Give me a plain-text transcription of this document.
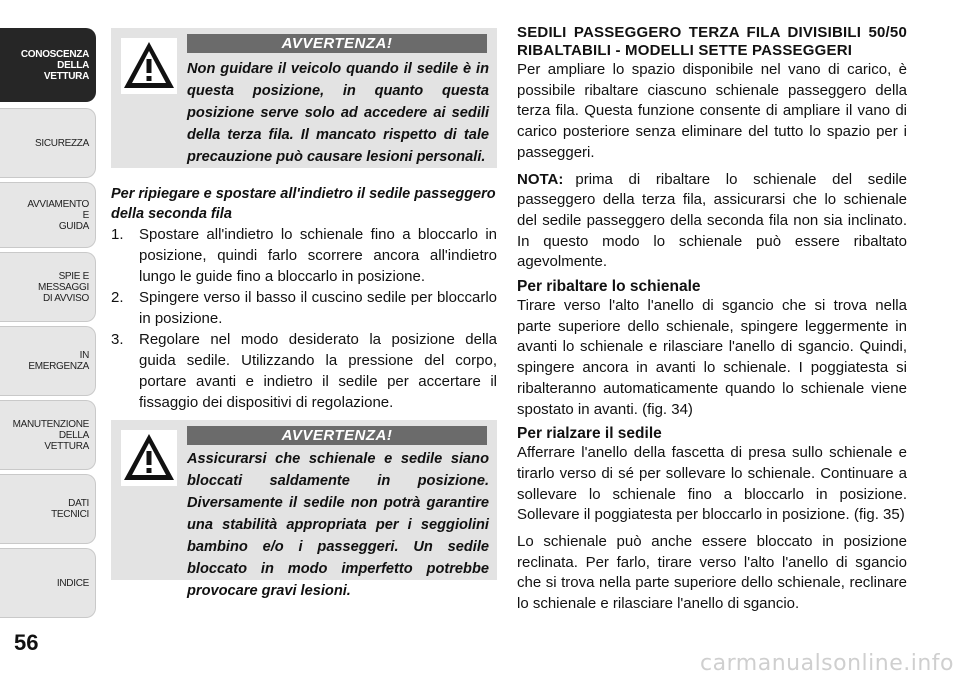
CONOSCENZA
DELLA
VETTURA
SICUREZZA
AVVIAMENTO
E
GUIDA
SPIE E
MESSAGGI
DI AVVISO
IN
EMERGENZA
MANUTENZIONE
DELLA
VETTURA
DATI
TECNICI
INDICE
56
AVVERTENZA!
Non guidare il veicolo quando il sedile è in questa posizione, in quanto questa posizione serve solo ad accedere ai sedili della terza fila. Il mancato rispetto di tale precauzione può causare lesioni personali.
Per ripiegare e spostare all'indietro il sedile passeggero della seconda fila
1. Spostare all'indietro lo schienale fino a bloccarlo in posizione, quindi farlo scorrere ancora all'indietro lungo le guide fino a bloccarlo in posizione.
2. Spingere verso il basso il cuscino sedile per bloccarlo in posizione.
3. Regolare nel modo desiderato la posizione della guida sedile. Utilizzando la pressione del corpo, portare avanti e indietro il sedile per accertare il fissaggio dei dispositivi di regolazione.
AVVERTENZA!
Assicurarsi che schienale e sedile siano bloccati saldamente in posizione. Diversamente il sedile non potrà garantire una stabilità appropriata per i seggiolini bambino e/o i passeggeri. Un sedile bloccato in modo imperfetto potrebbe provocare gravi lesioni.
SEDILI PASSEGGERO TERZA FILA DIVISIBILI 50/50 RIBALTABILI - MODELLI SETTE PASSEGGERI

Per ampliare lo spazio disponibile nel vano di carico, è possibile ribaltare ciascuno schienale passeggero della terza fila. Questa funzione consente di ampliare il vano di carico posteriore senza eliminare del tutto lo spazio per i passeggeri.

NOTA: prima di ribaltare lo schienale del sedile passeggero della terza fila, assicurarsi che lo schienale del sedile passeggero della seconda fila non sia inclinato. In questo modo lo schienale può essere ribaltato agevolmente.

Per ribaltare lo schienale

Tirare verso l'alto l'anello di sgancio che si trova nella parte superiore dello schienale, spingere leggermente in avanti lo schienale e rilasciare l'anello di sgancio. Quindi, spingere ancora in avanti lo schienale. I poggiatesta si ribalteranno automaticamente quando lo schienale viene spostato in avanti. (fig. 34)

Per rialzare il sedile

Afferrare l'anello della fascetta di presa sullo schienale e tirarlo verso di sé per sollevare lo schienale. Continuare a sollevare lo schienale fino a bloccarlo in posizione. Sollevare il poggiatesta per bloccarlo in posizione. (fig. 35)

Lo schienale può anche essere bloccato in posizione reclinata. Per farlo, tirare verso l'alto l'anello di sgancio che si trova nella parte superiore dello schienale, reclinare lo schienale e rilasciare l'anello di sgancio.

carmanualsonline.info
